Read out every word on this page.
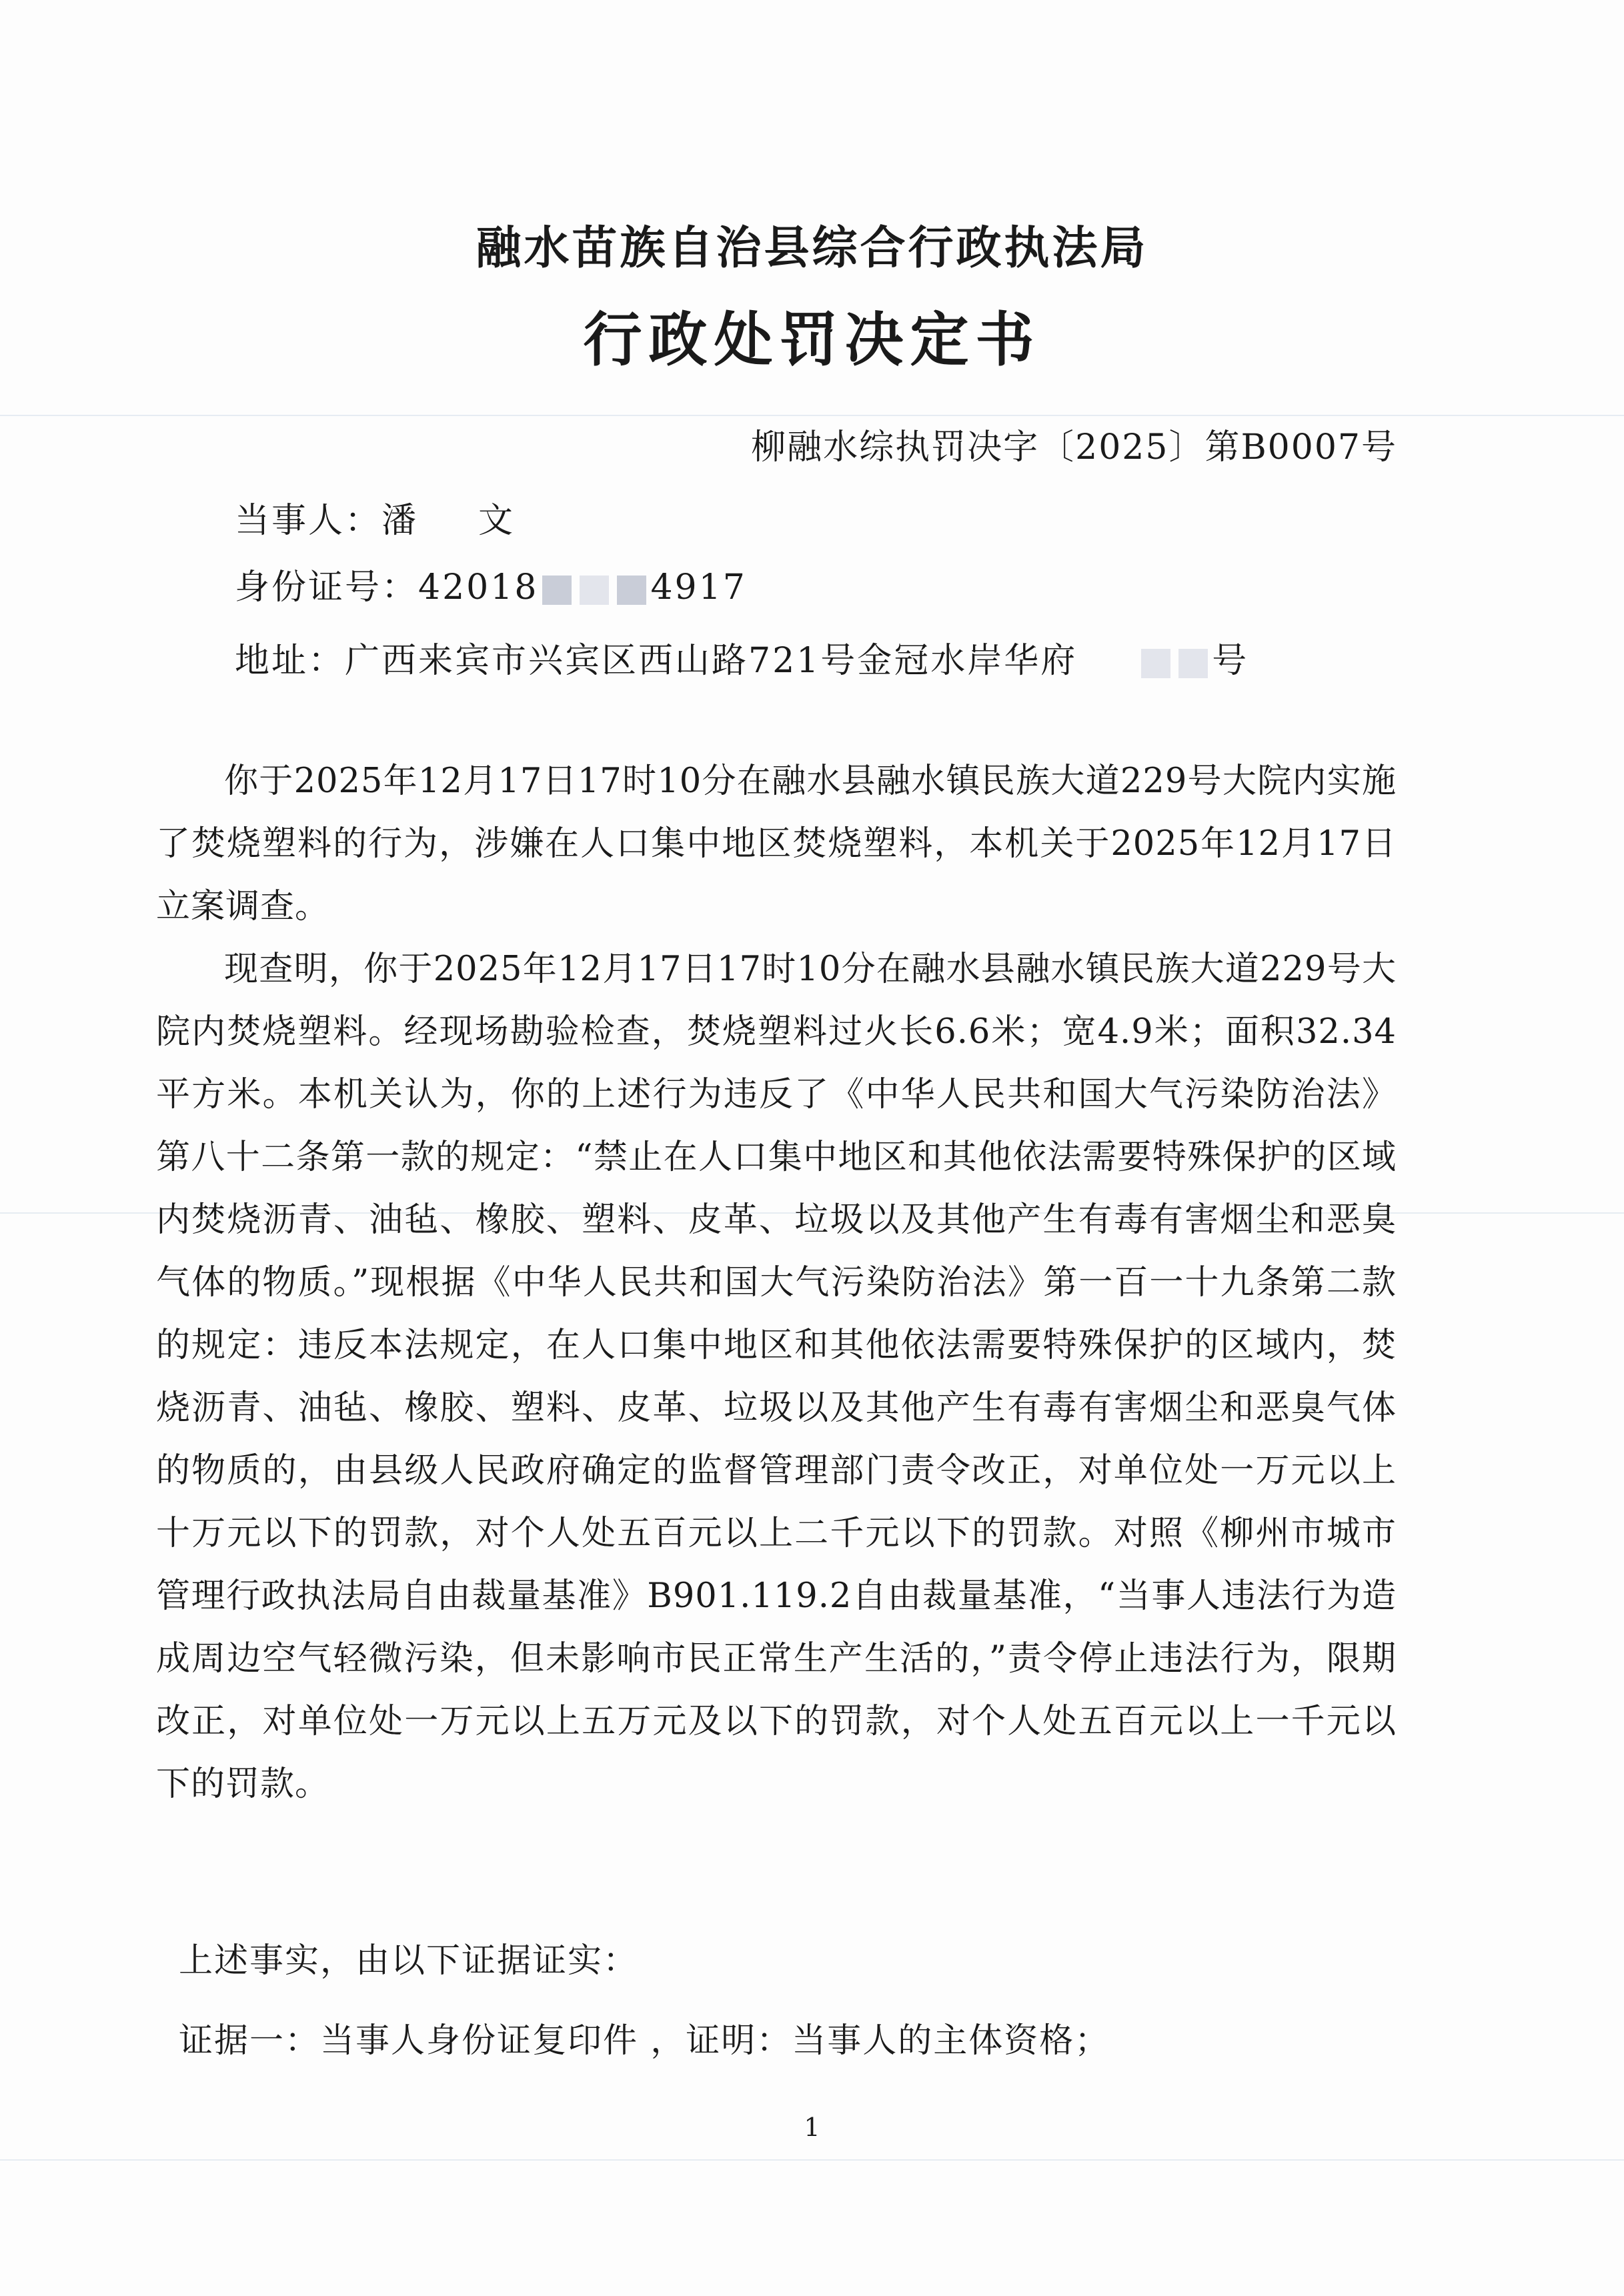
融水苗族自治县综合行政执法局
行政处罚决定书
柳融水综执罚决字〔2025〕第B0007号
当事人：潘 文
身份证号：42018	4917
地址：广西来宾市兴宾区西山路721号金冠水岸华府	号

你于2025年12月17日17时10分在融水县融水镇民族大道229号大院内实施了焚烧塑料的行为，涉嫌在人口集中地区焚烧塑料，本机关于2025年12月17日立案调查。

现查明，你于2025年12月17日17时10分在融水县融水镇民族大道229号大院内焚烧塑料。经现场勘验检查，焚烧塑料过火长6.6米；宽4.9米；面积32.34平方米。本机关认为，你的上述行为违反了《中华人民共和国大气污染防治法》第八十二条第一款的规定：“禁止在人口集中地区和其他依法需要特殊保护的区域内焚烧沥青、油毡、橡胶、塑料、皮革、垃圾以及其他产生有毒有害烟尘和恶臭气体的物质。”现根据《中华人民共和国大气污染防治法》第一百一十九条第二款的规定：违反本法规定，在人口集中地区和其他依法需要特殊保护的区域内，焚烧沥青、油毡、橡胶、塑料、皮革、垃圾以及其他产生有毒有害烟尘和恶臭气体的物质的，由县级人民政府确定的监督管理部门责令改正，对单位处一万元以上十万元以下的罚款，对个人处五百元以上二千元以下的罚款。对照《柳州市城市管理行政执法局自由裁量基准》B901.119.2自由裁量基准，“当事人违法行为造成周边空气轻微污染，但未影响市民正常生产生活的，”责令停止违法行为，限期改正，对单位处一万元以上五万元及以下的罚款，对个人处五百元以上一千元以下的罚款。

上述事实，由以下证据证实：
证据一：当事人身份证复印件 ，证明：当事人的主体资格；
1
